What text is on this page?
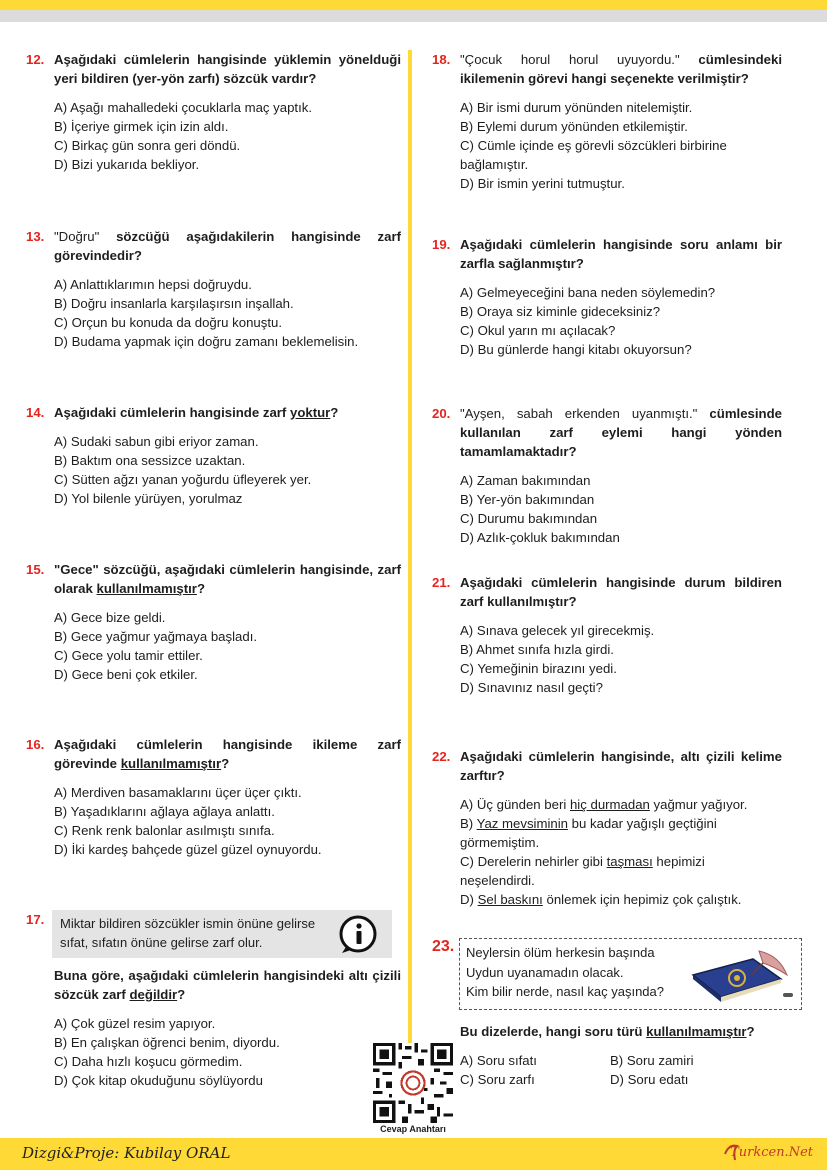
12. Aşağıdaki cümlelerin hangisinde yüklemin yönelduği yeri bildiren (yer-yön zarfı) sözcük vardır?
A) Aşağı mahalledeki çocuklarla maç yaptık.
B) İçeriye girmek için izin aldı.
C) Birkaç gün sonra geri döndü.
D) Bizi yukarıda bekliyor.
13. "Doğru" sözcüğü aşağıdakilerin hangisinde zarf görevindedir?
A) Anlattıklarımın hepsi doğruydu.
B) Doğru insanlarla karşılaşırsın inşallah.
C) Orçun bu konuda da doğru konuştu.
D) Budama yapmak için doğru zamanı beklemelisin.
14. Aşağıdaki cümlelerin hangisinde zarf yoktur?
A) Sudaki sabun gibi eriyor zaman.
B) Baktım ona sessizce uzaktan.
C) Sütten ağzı yanan yoğurdu üfleyerek yer.
D) Yol bilenle yürüyen, yorulmaz
15. "Gece" sözcüğü, aşağıdaki cümlelerin hangisinde, zarf olarak kullanılmamıştır?
A) Gece bize geldi.
B) Gece yağmur yağmaya başladı.
C) Gece yolu tamir ettiler.
D) Gece beni çok etkiler.
16. Aşağıdaki cümlelerin hangisinde ikileme zarf görevinde kullanılmamıştır?
A) Merdiven basamaklarını üçer üçer çıktı.
B) Yaşadıklarını ağlaya ağlaya anlattı.
C) Renk renk balonlar asılmıştı sınıfa.
D) İki kardeş bahçede güzel güzel oynuyordu.
17.	Miktar bildiren sözcükler ismin önüne gelirse sıfat, sıfatın önüne gelirse zarf olur.
Buna göre, aşağıdaki cümlelerin hangisindeki altı çizili sözcük zarf değildir?
A) Çok güzel resim yapıyor.
B) En çalışkan öğrenci benim, diyordu.
C) Daha hızlı koşucu görmedim.
D) Çok kitap okuduğunu söylüyordu
18. "Çocuk horul horul uyuyordu." cümlesindeki ikilemenin görevi hangi seçenekte verilmiştir?
A) Bir ismi durum yönünden nitelemiştir.
B) Eylemi durum yönünden etkilemiştir.
C) Cümle içinde eş görevli sözcükleri birbirine bağlamıştır.
D) Bir ismin yerini tutmuştur.
19. Aşağıdaki cümlelerin hangisinde soru anlamı bir zarfla sağlanmıştır?
A) Gelmeyeceğini bana neden söylemedin?
B) Oraya siz kiminle gideceksiniz?
C) Okul yarın mı açılacak?
D) Bu günlerde hangi kitabı okuyorsun?
20. "Ayşen, sabah erkenden uyanmıştı." cümlesinde kullanılan zarf eylemi hangi yönden tamamlamaktadır?
A) Zaman bakımından
B) Yer-yön bakımından
C) Durumu bakımından
D) Azlık-çokluk bakımından
21. Aşağıdaki cümlelerin hangisinde durum bildiren zarf kullanılmıştır?
A) Sınava gelecek yıl girecekmiş.
B) Ahmet sınıfa hızla girdi.
C) Yemeğinin birazını yedi.
D) Sınavınız nasıl geçti?
22. Aşağıdaki cümlelerin hangisinde, altı çizili kelime zarftır?
A) Üç günden beri hiç durmadan yağmur yağıyor.
B) Yaz mevsiminin bu kadar yağışlı geçtiğini görmemiştim.
C) Derelerin nehirler gibi taşması hepimizi neşelendirdi.
D) Sel baskını önlemek için hepimiz çok çalıştık.
23. Neylersin ölüm herkesin başında
Uydun uyanamadın olacak.
Kim bilir nerde, nasıl kaç yaşında?
Bu dizelerde, hangi soru türü kullanılmamıştır?
A) Soru sıfatı	B) Soru zamiri
C) Soru zarfı	D) Soru edatı
Cevap Anahtarı
Dizgi&Proje: Kubilay ORAL	Turkcen.Net
